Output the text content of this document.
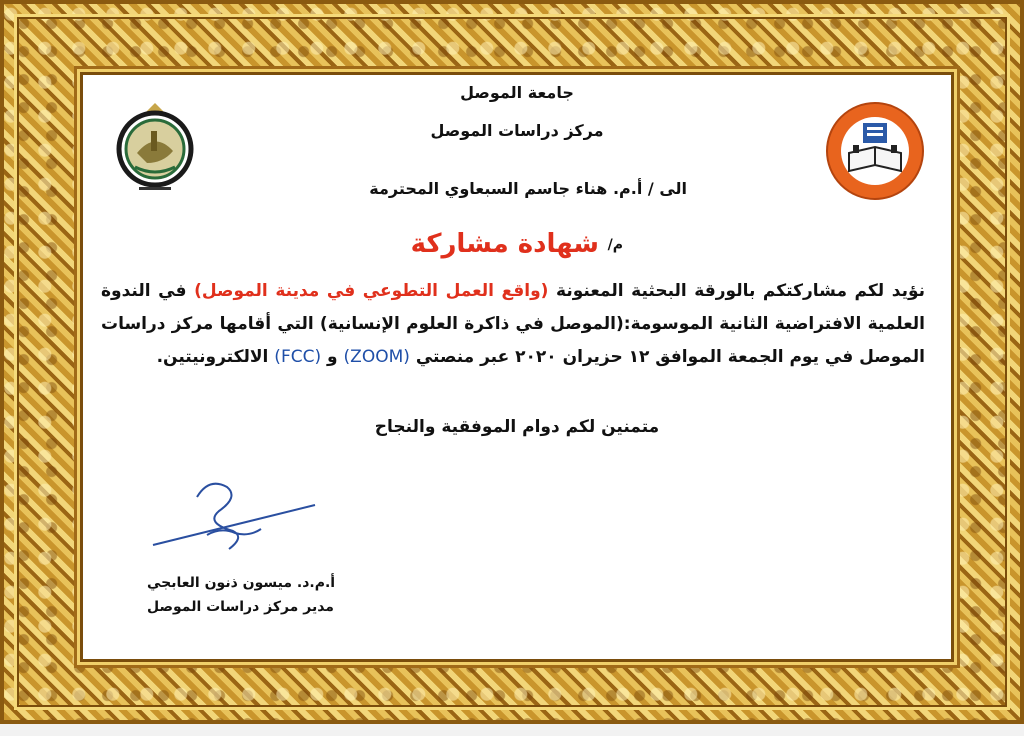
جامعة الموصل
مركز دراسات الموصل
الى / أ.م. هناء جاسم السبعاوي المحترمة
م/
شهادة مشاركة
نؤيد لكم مشاركتكم بالورقة البحثية المعنونة (واقع العمل التطوعي في مدينة الموصل) في الندوة العلمية الافتراضية الثانية الموسومة:(الموصل في ذاكرة العلوم الإنسانية) التي أقامها مركز دراسات الموصل في يوم الجمعة الموافق ١٢ حزيران ٢٠٢٠ عبر منصتي (ZOOM) و (FCC) الالكترونيتين.
متمنين لكم دوام الموفقية والنجاح
أ.م.د. ميسون ذنون العابجي
مدير مركز دراسات الموصل
